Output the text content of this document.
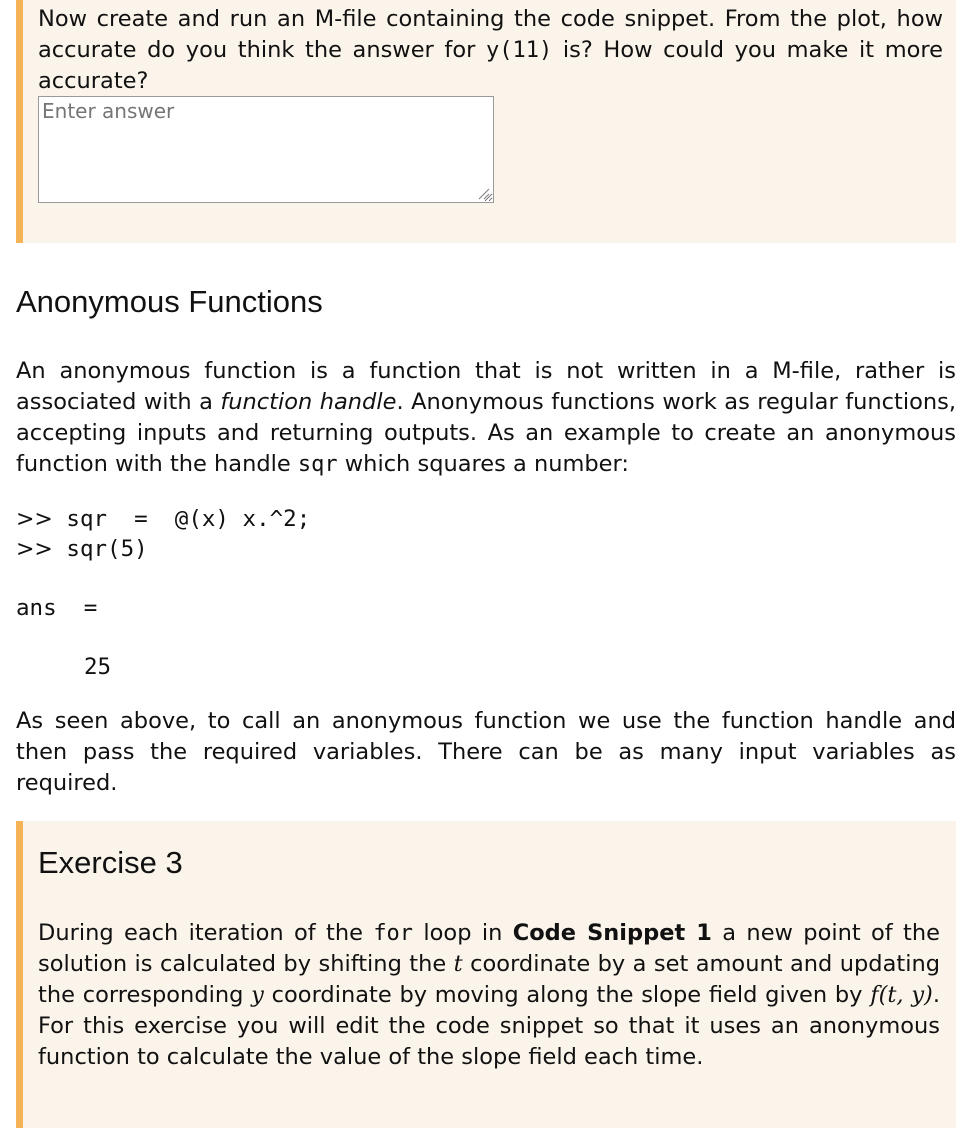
Now create and run an M-file containing the code snippet. From the plot, how accurate do you think the answer for y(11) is? How could you make it more accurate?

Enter answer
Anonymous Functions

An anonymous function is a function that is not written in a M-file, rather is associated with a function handle. Anonymous functions work as regular functions, accepting inputs and returning outputs. As an example to create an anonymous function with the handle sqr which squares a number:

>> sqr  =  @(x) x.^2;
>> sqr(5)
ans  =
25

As seen above, to call an anonymous function we use the function handle and then pass the required variables. There can be as many input variables as required.

Exercise 3

During each iteration of the for loop in Code Snippet 1 a new point of the solution is calculated by shifting the t coordinate by a set amount and updating the corresponding y coordinate by moving along the slope field given by f(t, y). For this exercise you will edit the code snippet so that it uses an anonymous function to calculate the value of the slope field each time.
